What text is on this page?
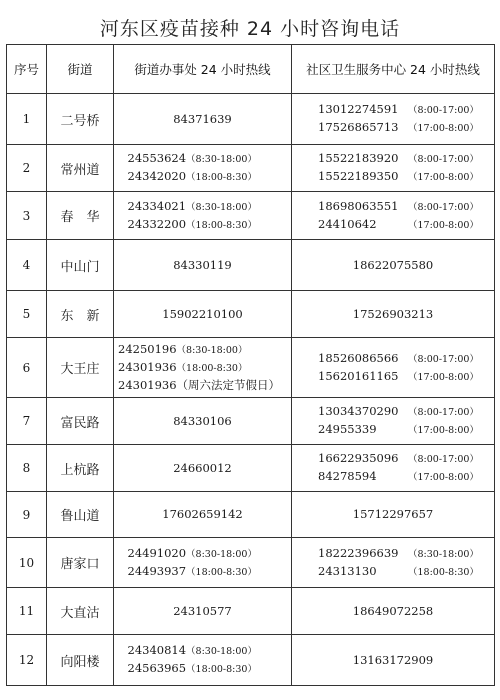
河东区疫苗接种 24 小时咨询电话
序号	街道	街道办事处 24 小时热线	社区卫生服务中心 24 小时热线
1	二号桥	84371639	13012274591 （8:00-17:00）
17526865713 （17:00-8:00）

2	常州道	24553624（8:30-18:00）
24342020（18:00-8:30）	15522183920 （8:00-17:00）
15522189350 （17:00-8:00）

3	春　华	24334021（8:30-18:00）
24332200（18:00-8:30）	18698063551 （8:00-17:00）
24410642 （17:00-8:00）

4	中山门	84330119	18622075580

5	东　新	15902210100	17526903213

6	大王庄	24250196（8:30-18:00）
24301936（18:00-8:30）
24301936（周六法定节假日）	18526086566 （8:00-17:00）
15620161165 （17:00-8:00）

7	富民路	84330106	13034370290 （8:00-17:00）
24955339 （17:00-8:00）

8	上杭路	24660012	16622935096 （8:00-17:00）
84278594 （17:00-8:00）

9	鲁山道	17602659142	15712297657

10	唐家口	24491020（8:30-18:00）
24493937（18:00-8:30）	18222396639 （8:30-18:00）
24313130 （18:00-8:30）

11	大直沽	24310577	18649072258

12	向阳楼	24340814（8:30-18:00）
24563965（18:00-8:30）	13163172909
